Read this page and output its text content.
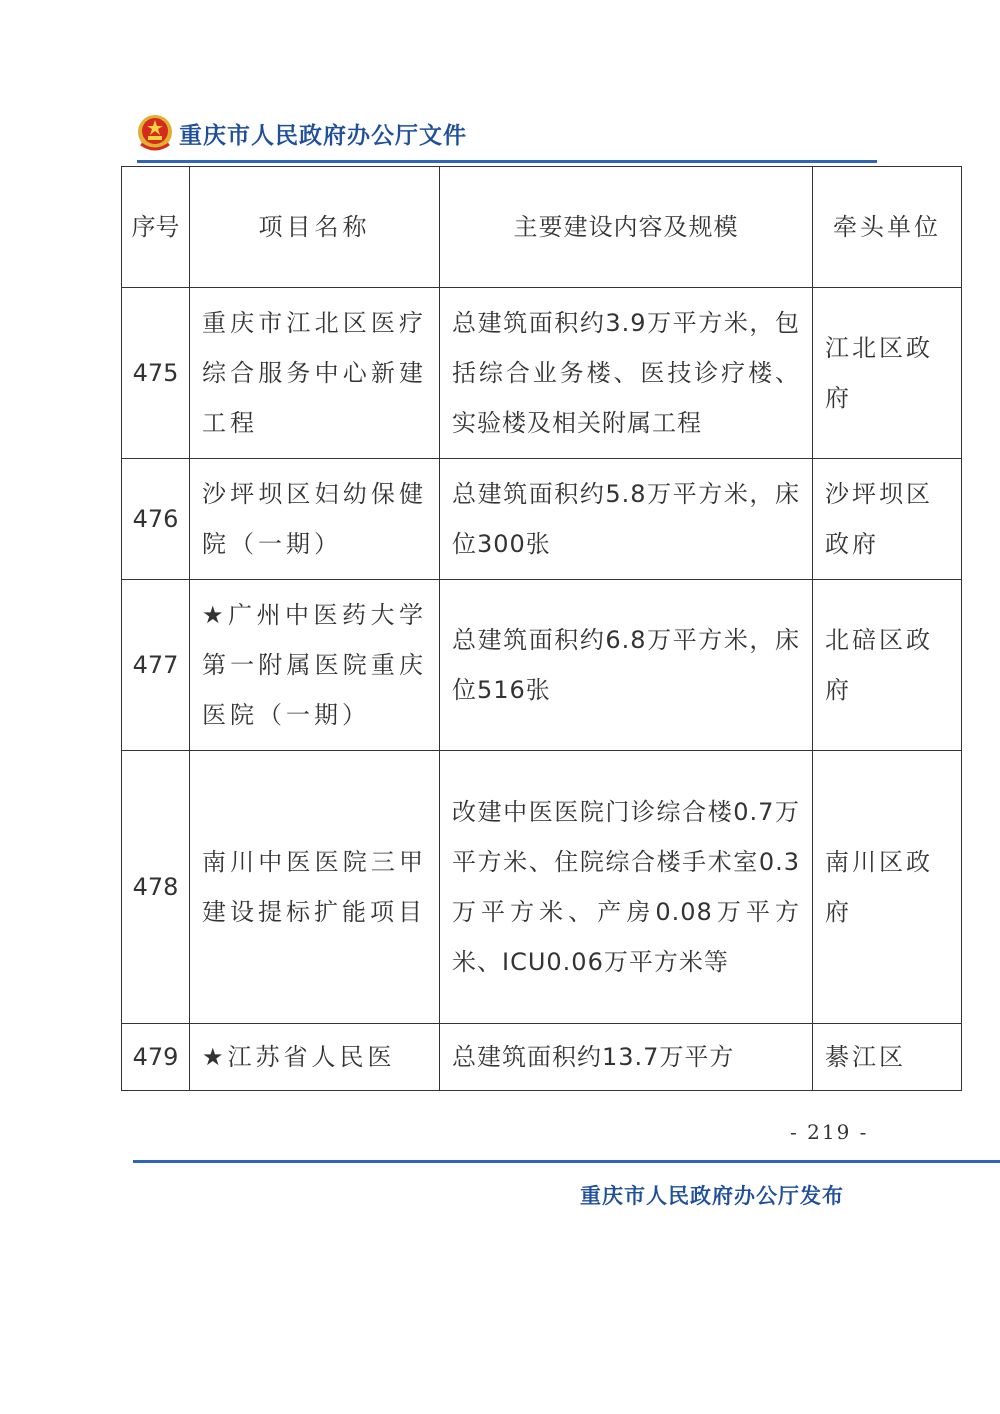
重庆市人民政府办公厅文件
序号	项目名称	主要建设内容及规模	牵头单位

475	重庆市江北区医疗综合服务中心新建工程	总建筑面积约3.9万平方米，包括综合业务楼、医技诊疗楼、实验楼及相关附属工程	江北区政府
476	沙坪坝区妇幼保健院（一期）	总建筑面积约5.8万平方米，床位300张	沙坪坝区政府
477	★广州中医药大学第一附属医院重庆医院（一期）	总建筑面积约6.8万平方米，床位516张	北碚区政府
478	南川中医医院三甲建设提标扩能项目	改建中医医院门诊综合楼0.7万平方米、住院综合楼手术室0.3万平方米、产房0.08万平方米、ICU0.06万平方米等	南川区政府
479	★江苏省人民医	总建筑面积约13.7万平方	綦江区
- 219 -
重庆市人民政府办公厅发布
